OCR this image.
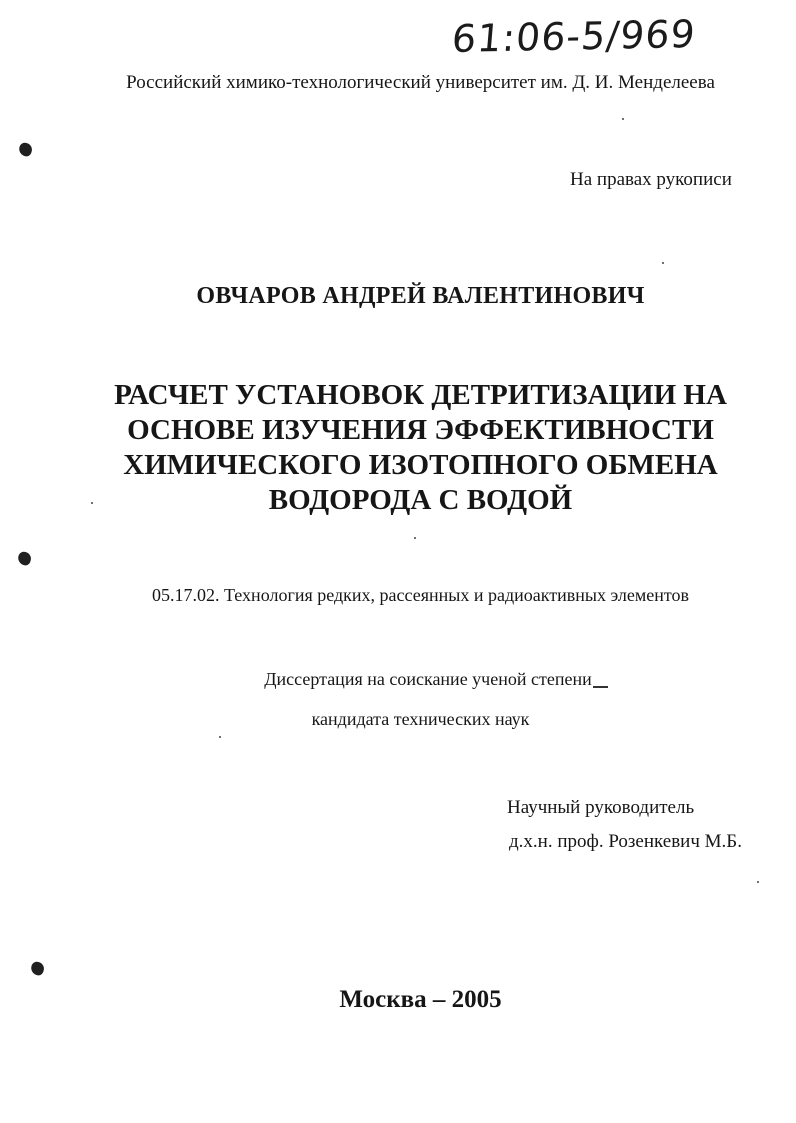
61:06-5/969
Российский химико-технологический университет им. Д. И. Менделеева
На правах рукописи
ОВЧАРОВ АНДРЕЙ ВАЛЕНТИНОВИЧ
РАСЧЕТ УСТАНОВОК ДЕТРИТИЗАЦИИ НА
ОСНОВЕ ИЗУЧЕНИЯ ЭФФЕКТИВНОСТИ
ХИМИЧЕСКОГО ИЗОТОПНОГО ОБМЕНА
ВОДОРОДА С ВОДОЙ
05.17.02. Технология редких, рассеянных и радиоактивных элементов
Диссертация на соискание ученой степени
кандидата технических наук
Научный руководитель
д.х.н. проф. Розенкевич М.Б.
Москва – 2005
